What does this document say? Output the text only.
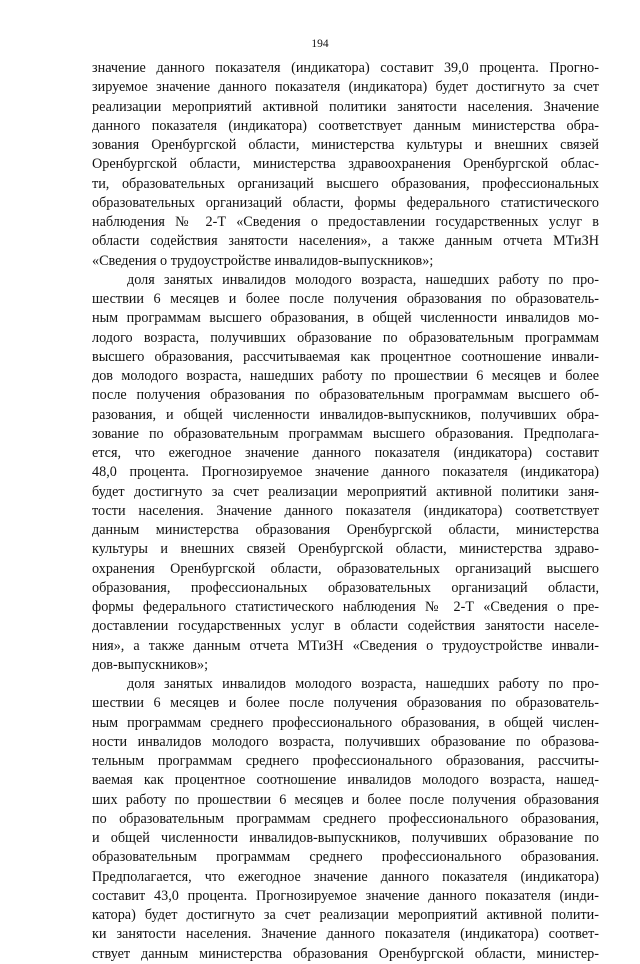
194
значение данного показателя (индикатора) составит 39,0 процента. Прогно-
зируемое значение данного показателя (индикатора) будет достигнуто за счет
реализации мероприятий активной политики занятости населения. Значение
данного показателя (индикатора) соответствует данным министерства обра-
зования Оренбургской области, министерства культуры и внешних связей
Оренбургской области, министерства здравоохранения Оренбургской облас-
ти, образовательных организаций высшего образования, профессиональных
образовательных организаций области, формы федерального статистического
наблюдения № 2-Т «Сведения о предоставлении государственных услуг в
области содействия занятости населения», а также данным отчета МТиЗН
«Сведения о трудоустройстве инвалидов-выпускников»;
доля занятых инвалидов молодого возраста, нашедших работу по про-
шествии 6 месяцев и более после получения образования по образователь-
ным программам высшего образования, в общей численности инвалидов мо-
лодого возраста, получивших образование по образовательным программам
высшего образования, рассчитываемая как процентное соотношение инвали-
дов молодого возраста, нашедших работу по прошествии 6 месяцев и более
после получения образования по образовательным программам высшего об-
разования, и общей численности инвалидов-выпускников, получивших обра-
зование по образовательным программам высшего образования. Предполага-
ется, что ежегодное значение данного показателя (индикатора) составит
48,0 процента. Прогнозируемое значение данного показателя (индикатора)
будет достигнуто за счет реализации мероприятий активной политики заня-
тости населения. Значение данного показателя (индикатора) соответствует
данным министерства образования Оренбургской области, министерства
культуры и внешних связей Оренбургской области, министерства здраво-
охранения Оренбургской области, образовательных организаций высшего
образования, профессиональных образовательных организаций области,
формы федерального статистического наблюдения № 2-Т «Сведения о пре-
доставлении государственных услуг в области содействия занятости населе-
ния», а также данным отчета МТиЗН «Сведения о трудоустройстве инвали-
дов-выпускников»;
доля занятых инвалидов молодого возраста, нашедших работу по про-
шествии 6 месяцев и более после получения образования по образователь-
ным программам среднего профессионального образования, в общей числен-
ности инвалидов молодого возраста, получивших образование по образова-
тельным программам среднего профессионального образования, рассчиты-
ваемая как процентное соотношение инвалидов молодого возраста, нашед-
ших работу по прошествии 6 месяцев и более после получения образования
по образовательным программам среднего профессионального образования,
и общей численности инвалидов-выпускников, получивших образование по
образовательным программам среднего профессионального образования.
Предполагается, что ежегодное значение данного показателя (индикатора)
составит 43,0 процента. Прогнозируемое значение данного показателя (инди-
катора) будет достигнуто за счет реализации мероприятий активной полити-
ки занятости населения. Значение данного показателя (индикатора) соответ-
ствует данным министерства образования Оренбургской области, министер-
